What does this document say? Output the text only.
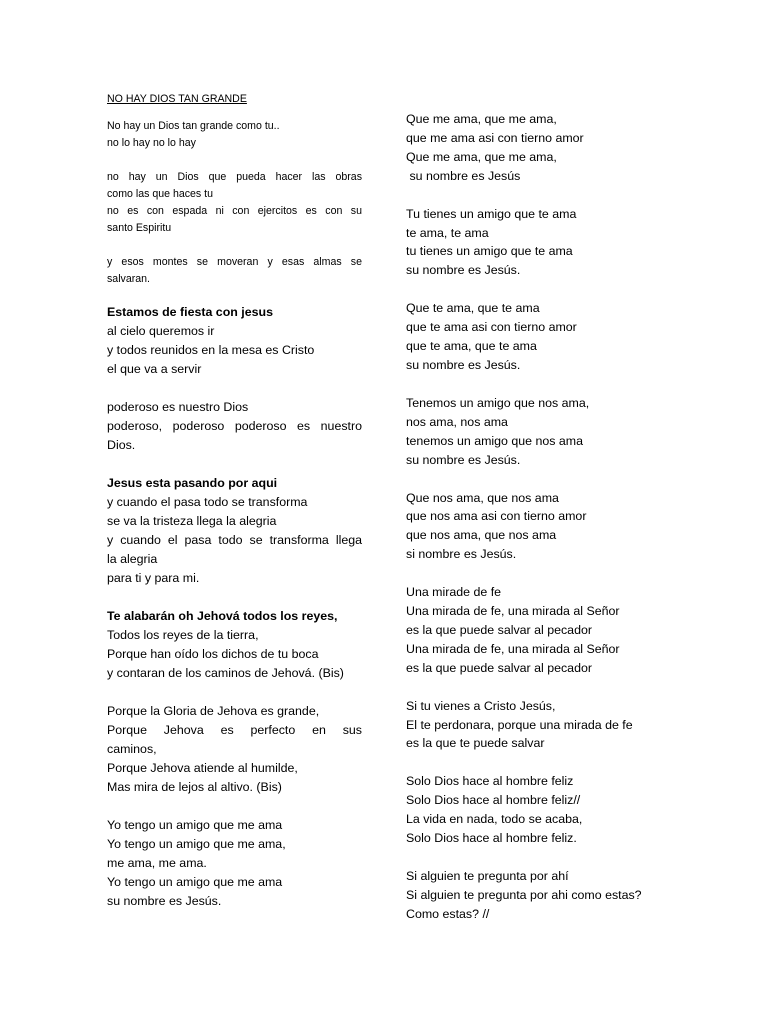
NO HAY DIOS TAN GRANDE
No hay un Dios tan grande como tu..
no lo hay no lo hay
no hay un Dios que pueda hacer las obras
como las que haces tu
no es con espada ni con ejercitos es con su
santo Espiritu
y esos montes se moveran y esas almas se
salvaran.
Estamos de fiesta con jesus
al cielo queremos ir
y todos reunidos en la mesa es Cristo
el que va a servir
poderoso es nuestro Dios
poderoso, poderoso poderoso es nuestro
Dios.
Jesus esta pasando por aqui
y cuando el pasa todo se transforma
se va la tristeza llega la alegria
y cuando el pasa todo se transforma llega
la alegria
para ti y para mi.
Te alabarán oh Jehová todos los reyes,
Todos los reyes de la tierra,
Porque han oído los dichos de tu boca
y contaran de los caminos de Jehová. (Bis)
Porque la Gloria de Jehova es grande,
Porque Jehova es perfecto en sus
caminos,
Porque Jehova atiende al humilde,
Mas mira de lejos al altivo. (Bis)
Yo tengo un amigo que me ama
Yo tengo un amigo que me ama,
me ama, me ama.
Yo tengo un amigo que me ama
su nombre es Jesús.
Que me ama, que me ama,
que me ama asi con tierno amor
Que me ama, que me ama,
su nombre es Jesús
Tu tienes un amigo que te ama
te ama, te ama
tu tienes un amigo que te ama
su nombre es Jesús.
Que te ama, que te ama
que te ama asi con tierno amor
que te ama, que te ama
su nombre es Jesús.
Tenemos un amigo que nos ama,
nos ama, nos ama
tenemos un amigo que nos ama
su nombre es Jesús.
Que nos ama, que nos ama
que nos ama asi con tierno amor
que nos ama, que nos ama
si nombre es Jesús.
Una mirade de fe
Una mirada de fe, una mirada al Señor
es la que puede salvar al pecador
Una mirada de fe, una mirada al Señor
es la que puede salvar al pecador
Si tu vienes a Cristo Jesús,
El te perdonara, porque una mirada de fe
es la que te puede salvar
Solo Dios hace al hombre feliz
Solo Dios hace al hombre feliz//
La vida en nada, todo se acaba,
Solo Dios hace al hombre feliz.
Si alguien te pregunta por ahí
Si alguien te pregunta por ahi como estas?
Como estas? //
